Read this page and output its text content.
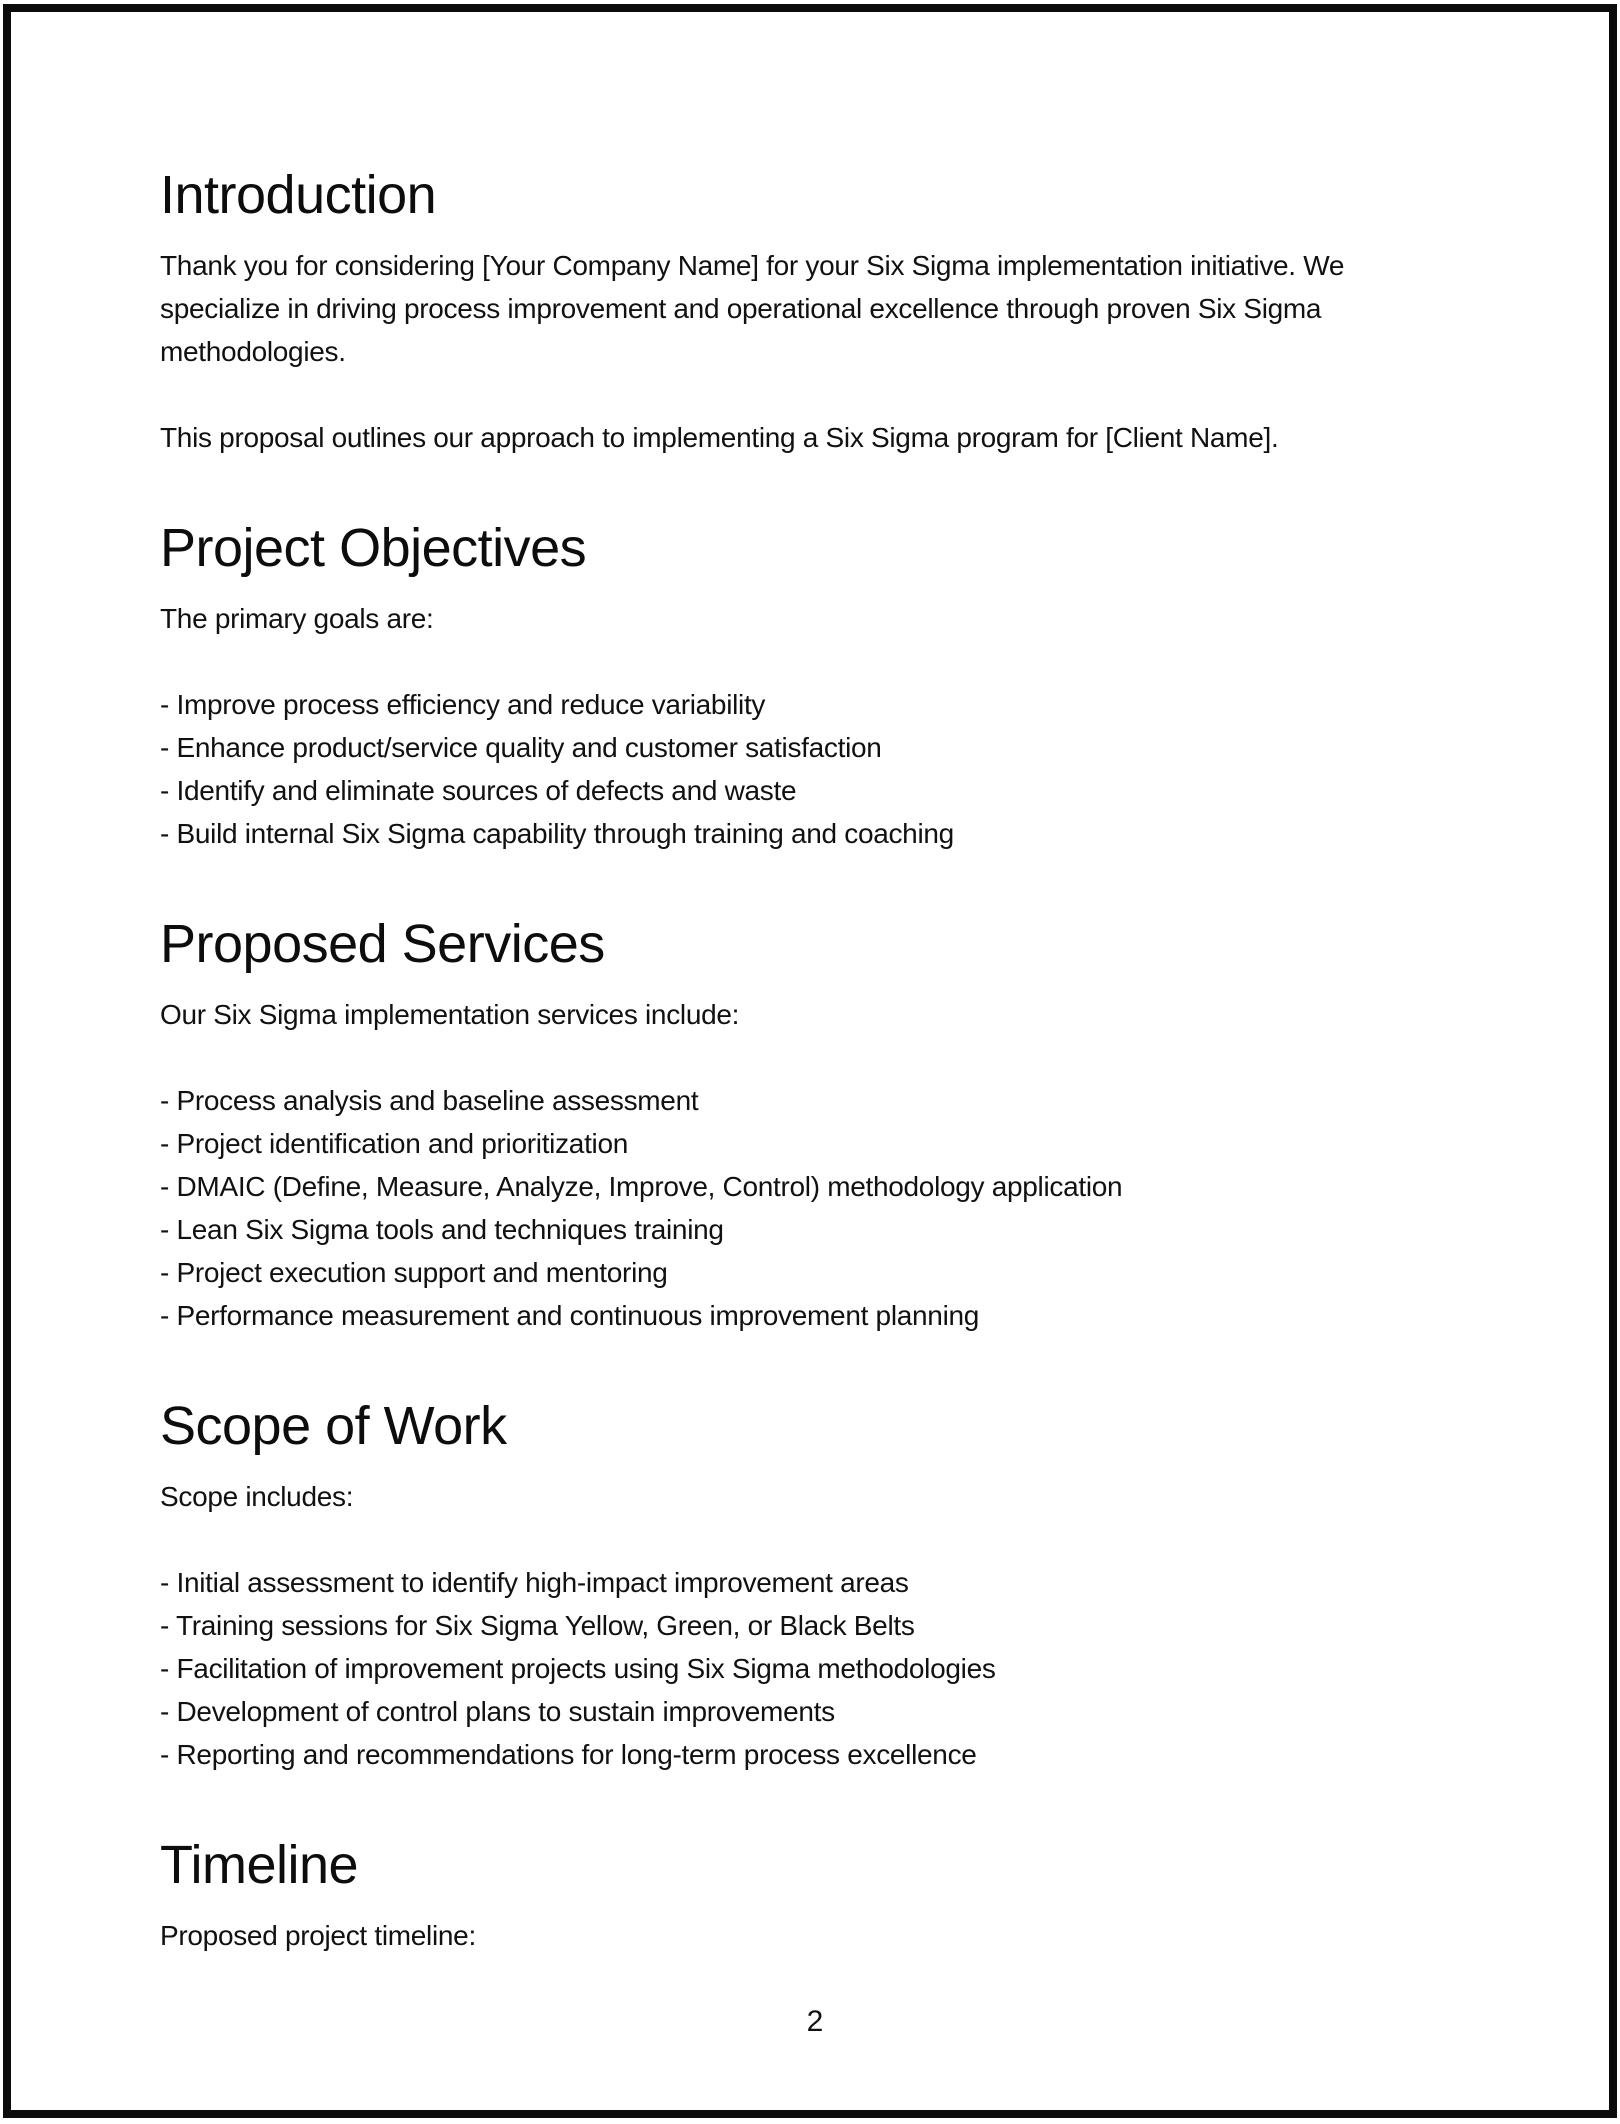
Introduction

Thank you for considering [Your Company Name] for your Six Sigma implementation initiative. We specialize in driving process improvement and operational excellence through proven Six Sigma methodologies.

This proposal outlines our approach to implementing a Six Sigma program for [Client Name].

Project Objectives

The primary goals are:

- Improve process efficiency and reduce variability
- Enhance product/service quality and customer satisfaction
- Identify and eliminate sources of defects and waste
- Build internal Six Sigma capability through training and coaching
Proposed Services

Our Six Sigma implementation services include:

- Process analysis and baseline assessment
- Project identification and prioritization
- DMAIC (Define, Measure, Analyze, Improve, Control) methodology application
- Lean Six Sigma tools and techniques training
- Project execution support and mentoring
- Performance measurement and continuous improvement planning
Scope of Work

Scope includes:

- Initial assessment to identify high-impact improvement areas
- Training sessions for Six Sigma Yellow, Green, or Black Belts
- Facilitation of improvement projects using Six Sigma methodologies
- Development of control plans to sustain improvements
- Reporting and recommendations for long-term process excellence
Timeline

Proposed project timeline:

2
